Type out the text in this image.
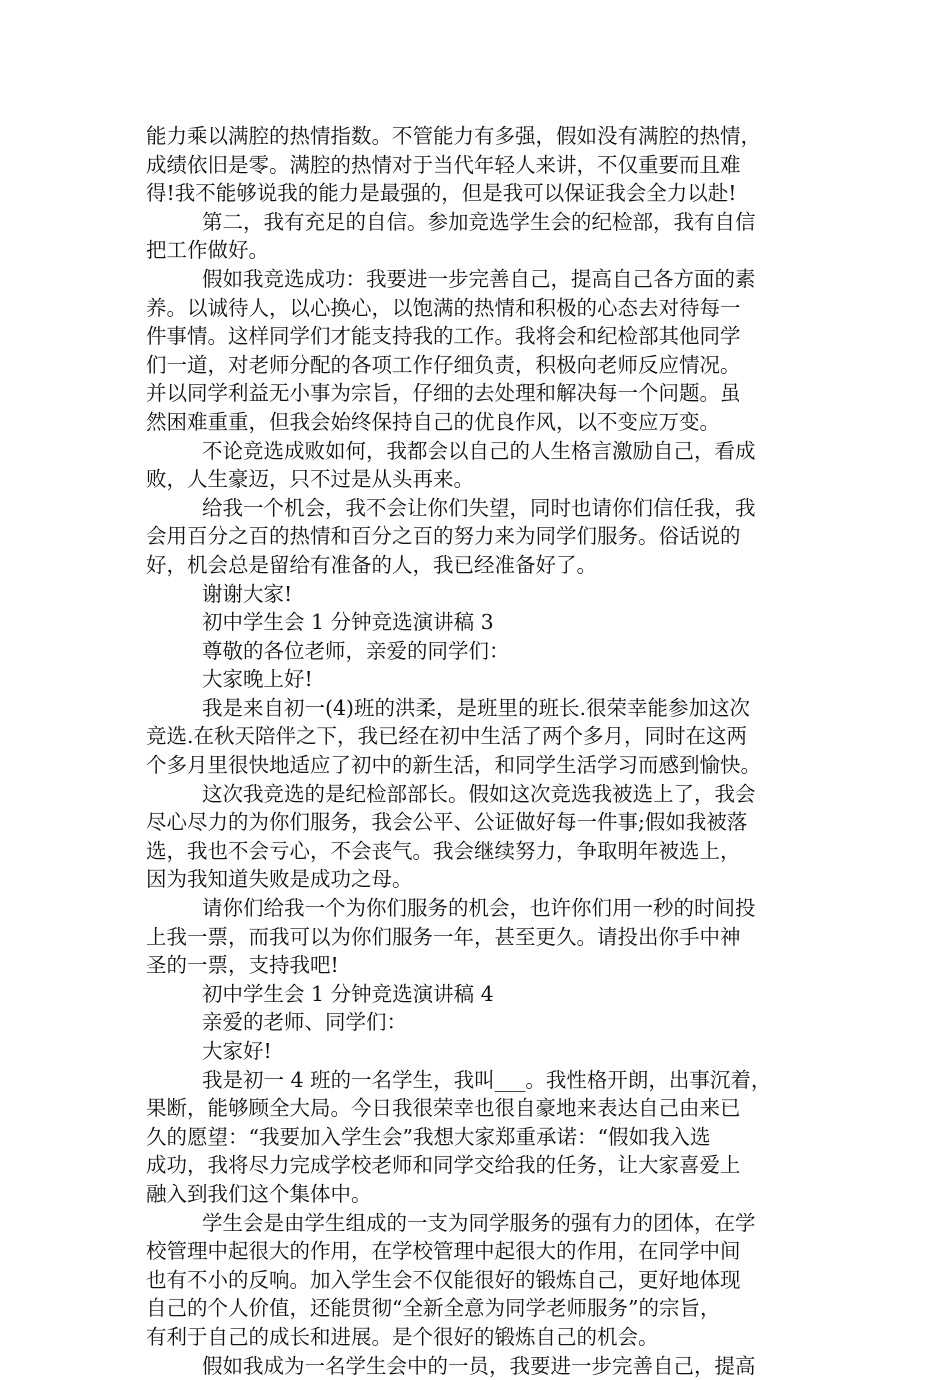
能力乘以满腔的热情指数。不管能力有多强，假如没有满腔的热情，
成绩依旧是零。满腔的热情对于当代年轻人来讲，不仅重要而且难
得!我不能够说我的能力是最强的，但是我可以保证我会全力以赴!
第二，我有充足的自信。参加竞选学生会的纪检部，我有自信
把工作做好。
假如我竞选成功：我要进一步完善自己，提高自己各方面的素
养。以诚待人，以心换心，以饱满的热情和积极的心态去对待每一
件事情。这样同学们才能支持我的工作。我将会和纪检部其他同学
们一道，对老师分配的各项工作仔细负责，积极向老师反应情况。
并以同学利益无小事为宗旨，仔细的去处理和解决每一个问题。虽
然困难重重，但我会始终保持自己的优良作风，以不变应万变。
不论竞选成败如何，我都会以自己的人生格言激励自己，看成
败，人生豪迈，只不过是从头再来。
给我一个机会，我不会让你们失望，同时也请你们信任我，我
会用百分之百的热情和百分之百的努力来为同学们服务。俗话说的
好，机会总是留给有准备的人，我已经准备好了。
谢谢大家!
初中学生会 1 分钟竞选演讲稿 3
尊敬的各位老师，亲爱的同学们：
大家晚上好!
我是来自初一(4)班的洪柔，是班里的班长.很荣幸能参加这次
竞选.在秋天陪伴之下，我已经在初中生活了两个多月，同时在这两
个多月里很快地适应了初中的新生活，和同学生活学习而感到愉快。
这次我竞选的是纪检部部长。假如这次竞选我被选上了，我会
尽心尽力的为你们服务，我会公平、公证做好每一件事;假如我被落
选，我也不会亏心，不会丧气。我会继续努力，争取明年被选上，
因为我知道失败是成功之母。
请你们给我一个为你们服务的机会，也许你们用一秒的时间投
上我一票，而我可以为你们服务一年，甚至更久。请投出你手中神
圣的一票，支持我吧!
初中学生会 1 分钟竞选演讲稿 4
亲爱的老师、同学们：
大家好!
我是初一 4 班的一名学生，我叫___。我性格开朗，出事沉着，
果断，能够顾全大局。今日我很荣幸也很自豪地来表达自己由来已
久的愿望：“我要加入学生会”我想大家郑重承诺：“假如我入选
成功，我将尽力完成学校老师和同学交给我的任务，让大家喜爱上
融入到我们这个集体中。
学生会是由学生组成的一支为同学服务的强有力的团体，在学
校管理中起很大的作用，在学校管理中起很大的作用，在同学中间
也有不小的反响。加入学生会不仅能很好的锻炼自己，更好地体现
自己的个人价值，还能贯彻“全新全意为同学老师服务”的宗旨，
有利于自己的成长和进展。是个很好的锻炼自己的机会。
假如我成为一名学生会中的一员，我要进一步完善自己，提高
